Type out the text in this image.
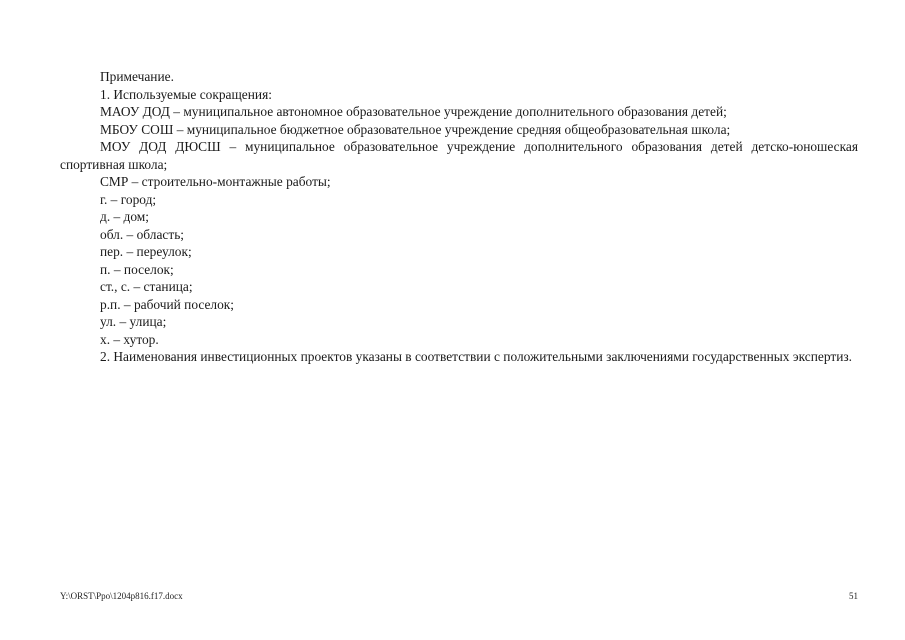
Примечание.

1. Используемые сокращения:

МАОУ ДОД – муниципальное автономное образовательное учреждение дополнительного образования детей;

МБОУ СОШ – муниципальное бюджетное образовательное учреждение средняя общеобразовательная школа;

МОУ ДОД ДЮСШ – муниципальное образовательное учреждение дополнительного образования детей детско-юношеская спортивная школа;

СМР – строительно-монтажные работы;

г. – город;

д. – дом;

обл. – область;

пер. – переулок;

п. – поселок;

ст., с. – станица;

р.п. – рабочий поселок;

ул. – улица;

х. – хутор.

2. Наименования инвестиционных проектов указаны в соответствии с положительными заключениями государственных экспертиз.

Y:\ORST\Ppo\1204p816.f17.docx	51
